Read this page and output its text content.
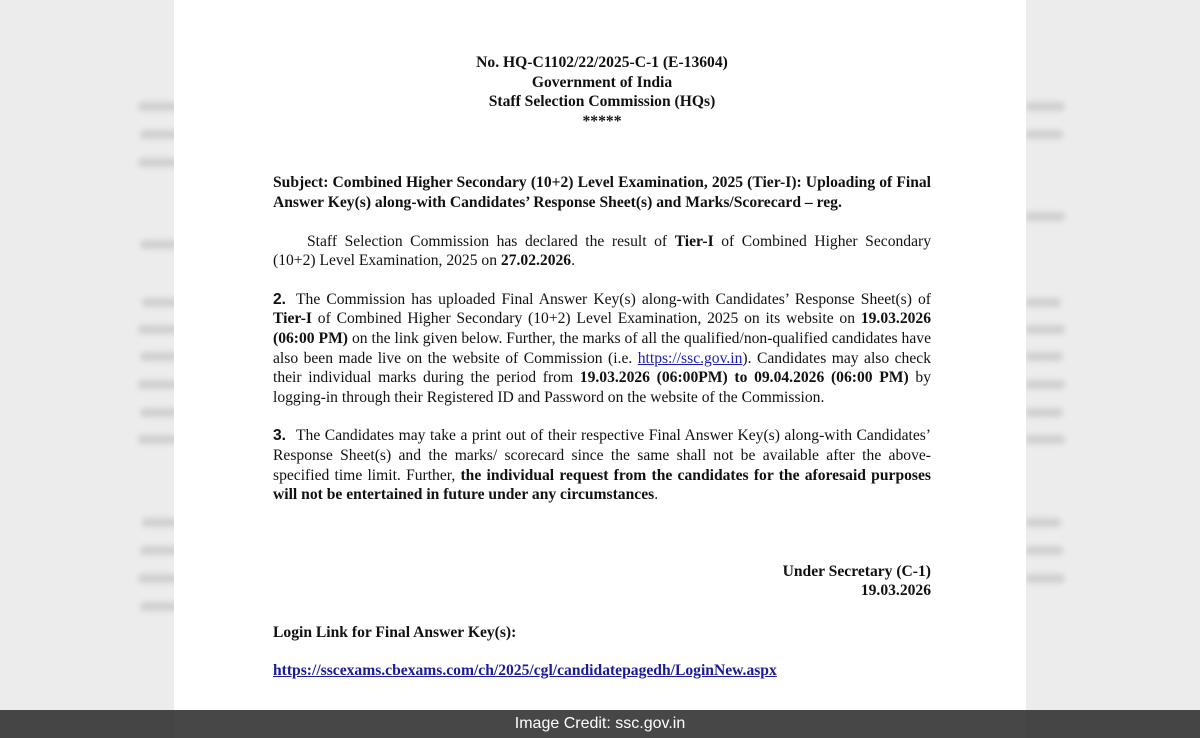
No. HQ-C1102/22/2025-C-1 (E-13604)
Government of India
Staff Selection Commission (HQs)
*****
Subject: Combined Higher Secondary (10+2) Level Examination, 2025 (Tier-I): Uploading of Final Answer Key(s) along-with Candidates’ Response Sheet(s) and Marks/Scorecard – reg.
Staff Selection Commission has declared the result of Tier-I of Combined Higher Secondary (10+2) Level Examination, 2025 on 27.02.2026.
2. The Commission has uploaded Final Answer Key(s) along-with Candidates’ Response Sheet(s) of Tier-I of Combined Higher Secondary (10+2) Level Examination, 2025 on its website on 19.03.2026 (06:00 PM) on the link given below. Further, the marks of all the qualified/non-qualified candidates have also been made live on the website of Commission (i.e. https://ssc.gov.in). Candidates may also check their individual marks during the period from 19.03.2026 (06:00PM) to 09.04.2026 (06:00 PM) by logging-in through their Registered ID and Password on the website of the Commission.
3. The Candidates may take a print out of their respective Final Answer Key(s) along-with Candidates’ Response Sheet(s) and the marks/ scorecard since the same shall not be available after the above-specified time limit. Further, the individual request from the candidates for the aforesaid purposes will not be entertained in future under any circumstances.
Under Secretary (C-1)
19.03.2026
Login Link for Final Answer Key(s):
https://sscexams.cbexams.com/ch/2025/cgl/candidatepagedh/LoginNew.aspx
Image Credit: ssc.gov.in
